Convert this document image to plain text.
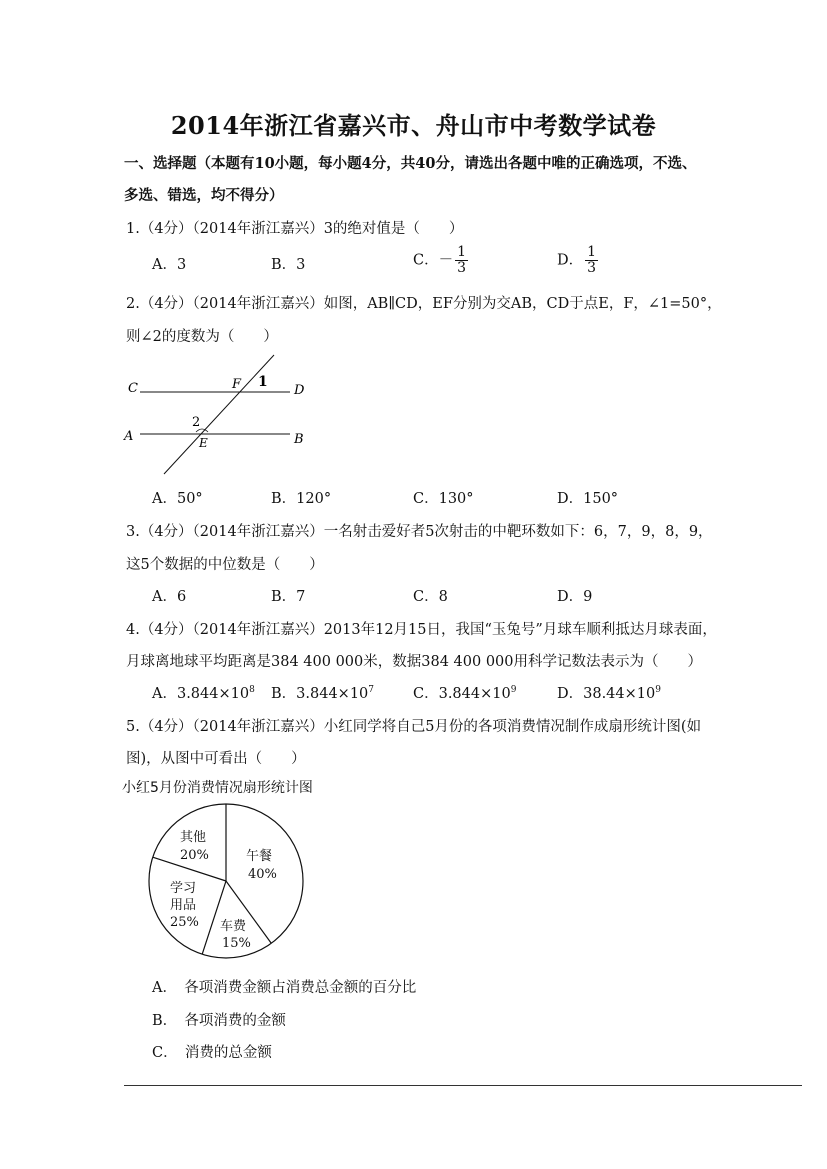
2014年浙江省嘉兴市、舟山市中考数学试卷
一、选择题（本题有10小题，每小题4分，共40分，请选出各题中唯的正确选项，不选、
多选、错选，均不得分）
1.（4分）（2014年浙江嘉兴）﻿﻿3的绝对值是（　　）
A．﻿﻿3	B．3	C．－ $\frac{1}{3}$	D． $\frac{1}{3}$
2.（4分）（2014年浙江嘉兴）如图，AB∥CD，EF分别为交AB，CD于点E，F，∠1=50°，
则∠2的度数为（　　）
C	D
A	B
F
E
1
2
A．50°	B．120°	C．130°	D．150°
3.（4分）（2014年浙江嘉兴）一名射击爱好者5次射击的中靶环数如下：6，7，9，8，9，
这5个数据的中位数是（　　）
A．6	B．7	C．8	D．9
4.（4分）（2014年浙江嘉兴）2013年12月15日，我国“玉兔号”月球车顺利抵达月球表面，
月球离地球平均距离是384 400 000米，数据384 400 000用科学记数法表示为（　　）
A．$3.844\times 10^8$ B．$3.844\times 10^7$	C．$3.844\times 10^9$	D．$38.44\times 10^9$
5.（4分）（2014年浙江嘉兴）小红同学将自己5月份的各项消费情况制作成扇形统计图(如
图)，从图中可看出（　　）
小红5月份消费情况扇形统计图
其他
20%	午餐
40%
学习
用品
25% 车费
15%
A．　各项消费金额占消费总金额的百分比
B．　各项消费的金额
C．　消费的总金额
